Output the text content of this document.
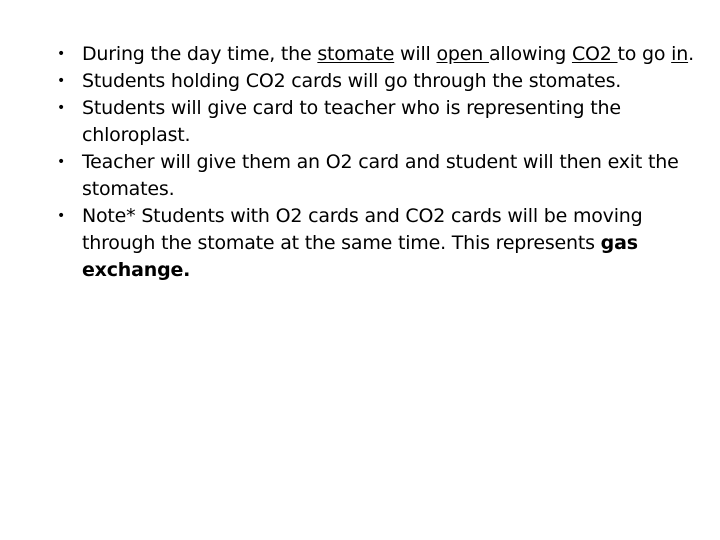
• During the day time, the stomate will open allowing CO2 to go in.
• Students holding CO2 cards will go through the stomates.
• Students will give card to teacher who is representing the chloroplast.
• Teacher will give them an O2 card and student will then exit the stomates.
• Note* Students with O2 cards and CO2 cards will be moving through the stomate at the same time. This represents gas exchange.
